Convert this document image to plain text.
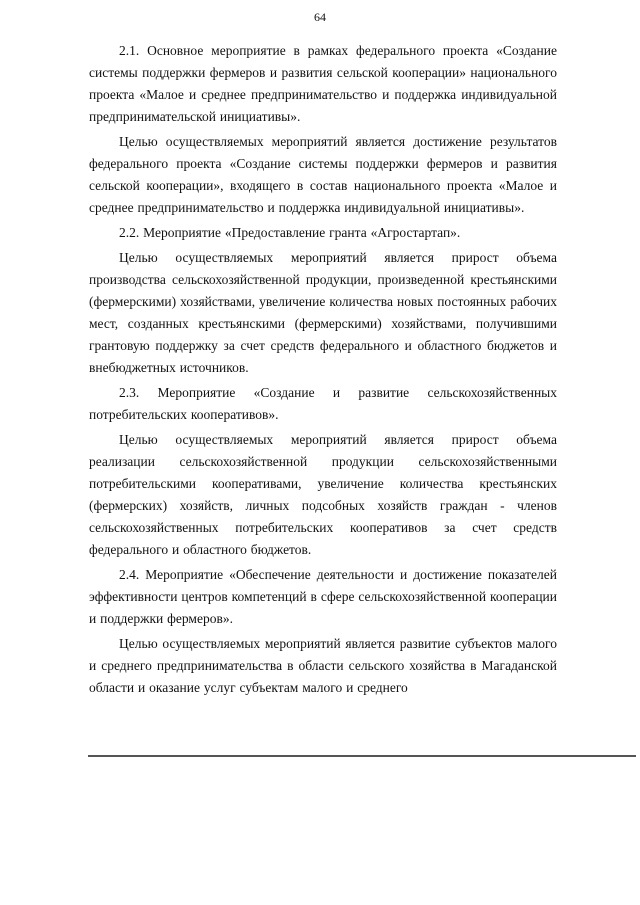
64

2.1. Основное мероприятие в рамках федерального проекта «Создание системы поддержки фермеров и развития сельской кооперации» национального проекта «Малое и среднее предпринимательство и поддержка индивидуальной предпринимательской инициативы».

Целью осуществляемых мероприятий является достижение результатов федерального проекта «Создание системы поддержки фермеров и развития сельской кооперации», входящего в состав национального проекта «Малое и среднее предпринимательство и поддержка индивидуальной инициативы».

2.2. Мероприятие «Предоставление гранта «Агростартап».

Целью осуществляемых мероприятий является прирост объема производства сельскохозяйственной продукции, произведенной крестьянскими (фермерскими) хозяйствами, увеличение количества новых постоянных рабочих мест, созданных крестьянскими (фермерскими) хозяйствами, получившими грантовую поддержку за счет средств федерального и областного бюджетов и внебюджетных источников.

2.3. Мероприятие «Создание и развитие сельскохозяйственных потребительских кооперативов».

Целью осуществляемых мероприятий является прирост объема реализации сельскохозяйственной продукции сельскохозяйственными потребительскими кооперативами, увеличение количества крестьянских (фермерских) хозяйств, личных подсобных хозяйств граждан - членов сельскохозяйственных потребительских кооперативов за счет средств федерального и областного бюджетов.

2.4. Мероприятие «Обеспечение деятельности и достижение показателей эффективности центров компетенций в сфере сельскохозяйственной кооперации и поддержки фермеров».

Целью осуществляемых мероприятий является развитие субъектов малого и среднего предпринимательства в области сельского хозяйства в Магаданской области и оказание услуг субъектам малого и среднего
